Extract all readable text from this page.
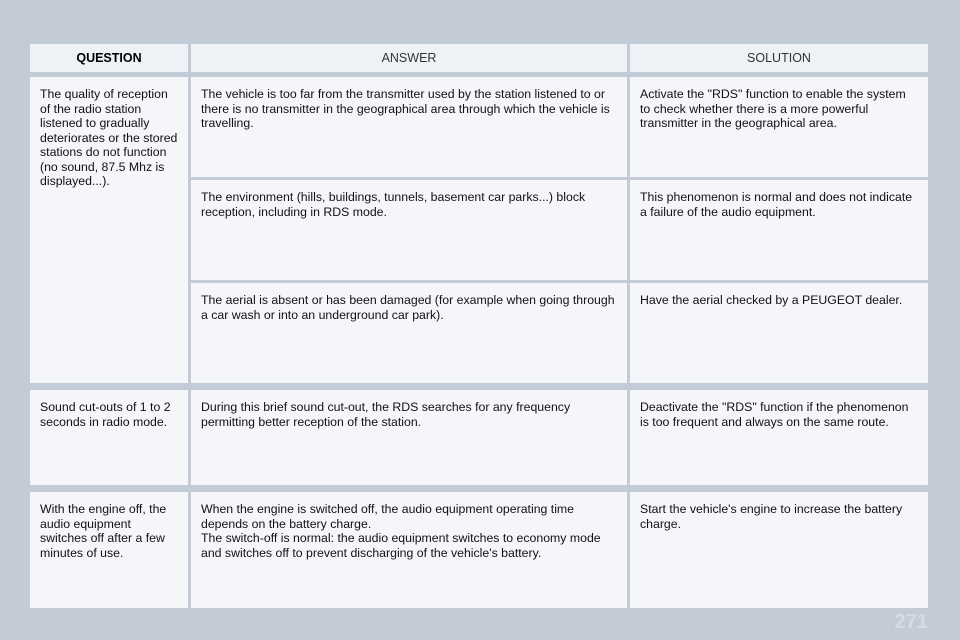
QUESTION	ANSWER	SOLUTION
The quality of reception of the radio station listened to gradually deteriorates or the stored stations do not function (no sound, 87.5 Mhz is displayed...).
The vehicle is too far from the transmitter used by the station listened to or there is no transmitter in the geographical area through which the vehicle is travelling.
Activate the "RDS" function to enable the system to check whether there is a more powerful transmitter in the geographical area.
The environment (hills, buildings, tunnels, basement car parks...) block reception, including in RDS mode.
This phenomenon is normal and does not indicate a failure of the audio equipment.
The aerial is absent or has been damaged (for example when going through a car wash or into an underground car park).
Have the aerial checked by a PEUGEOT dealer.
Sound cut-outs of 1 to 2 seconds in radio mode.
During this brief sound cut-out, the RDS searches for any frequency permitting better reception of the station.
Deactivate the "RDS" function if the phenomenon is too frequent and always on the same route.
With the engine off, the audio equipment switches off after a few minutes of use.
When the engine is switched off, the audio equipment operating time depends on the battery charge.
The switch-off is normal: the audio equipment switches to economy mode and switches off to prevent discharging of the vehicle's battery.
Start the vehicle's engine to increase the battery charge.
271
